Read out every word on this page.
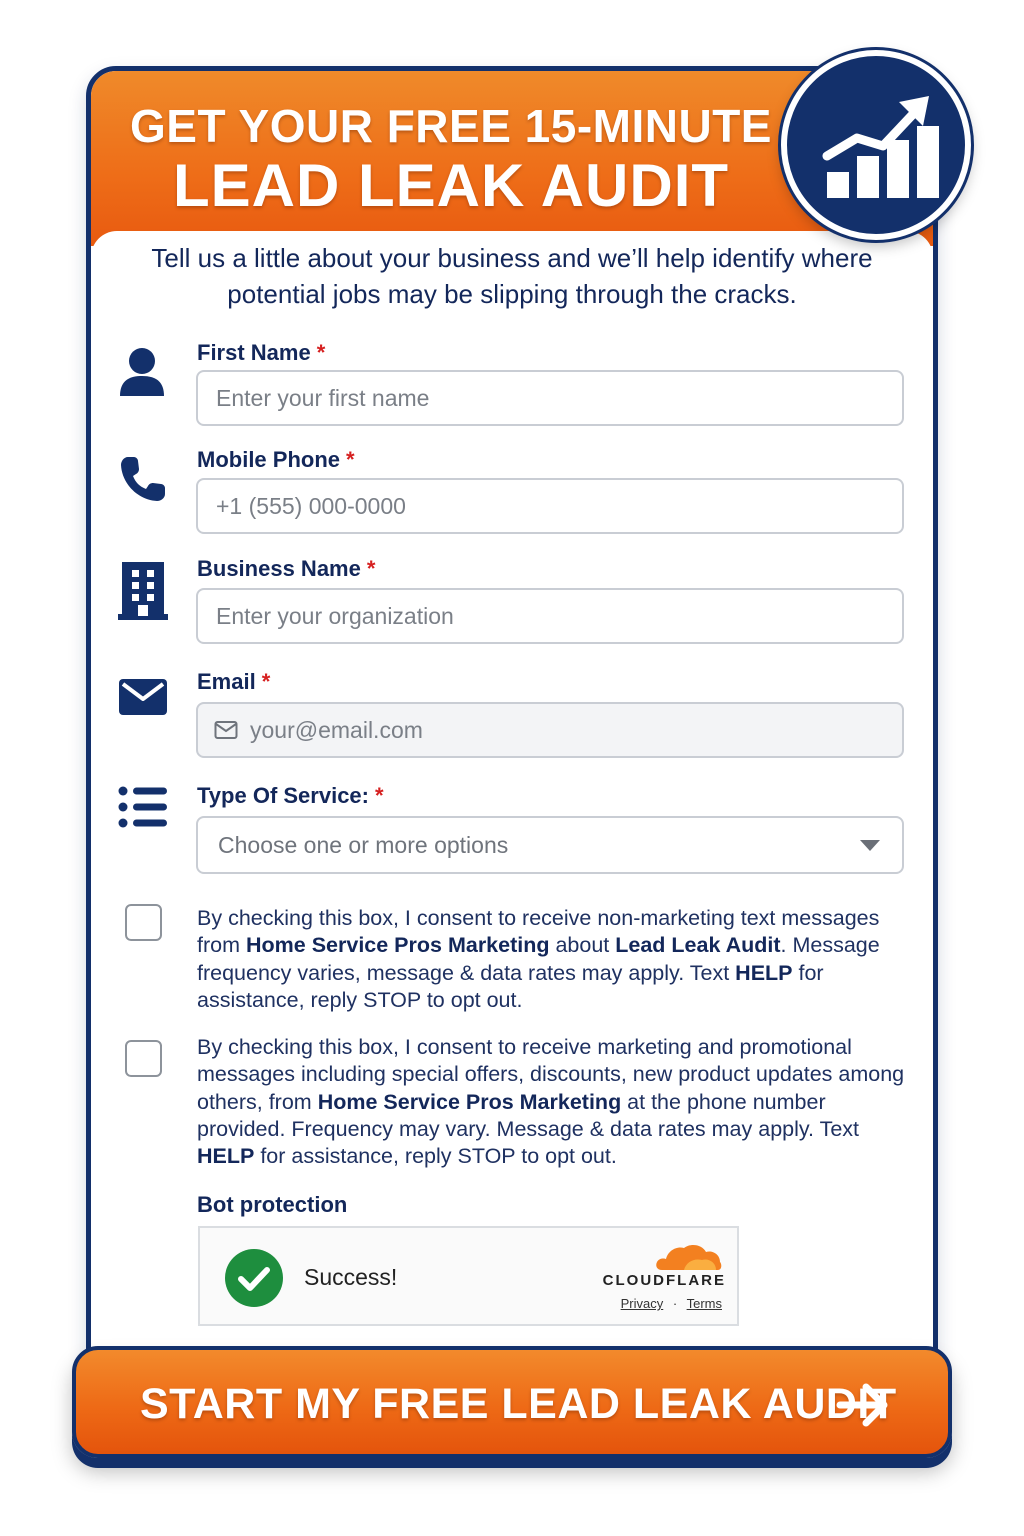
GET YOUR FREE 15-MINUTE
LEAD LEAK AUDIT
Tell us a little about your business and we’ll help identify where potential jobs may be slipping through the cracks.
First Name *
Enter your first name
Mobile Phone *
+1 (555) 000-0000
Business Name *
Enter your organization
Email *
your@email.com
Type Of Service: *
Choose one or more options
By checking this box, I consent to receive non-marketing text messages from Home Service Pros Marketing about Lead Leak Audit. Message frequency varies, message & data rates may apply. Text HELP for assistance, reply STOP to opt out.
By checking this box, I consent to receive marketing and promotional messages including special offers, discounts, new product updates among others, from Home Service Pros Marketing at the phone number provided. Frequency may vary. Message & data rates may apply. Text HELP for assistance, reply STOP to opt out.
Bot protection
Success!	CLOUDFLARE
Privacy · Terms
START MY FREE LEAD LEAK AUDIT
